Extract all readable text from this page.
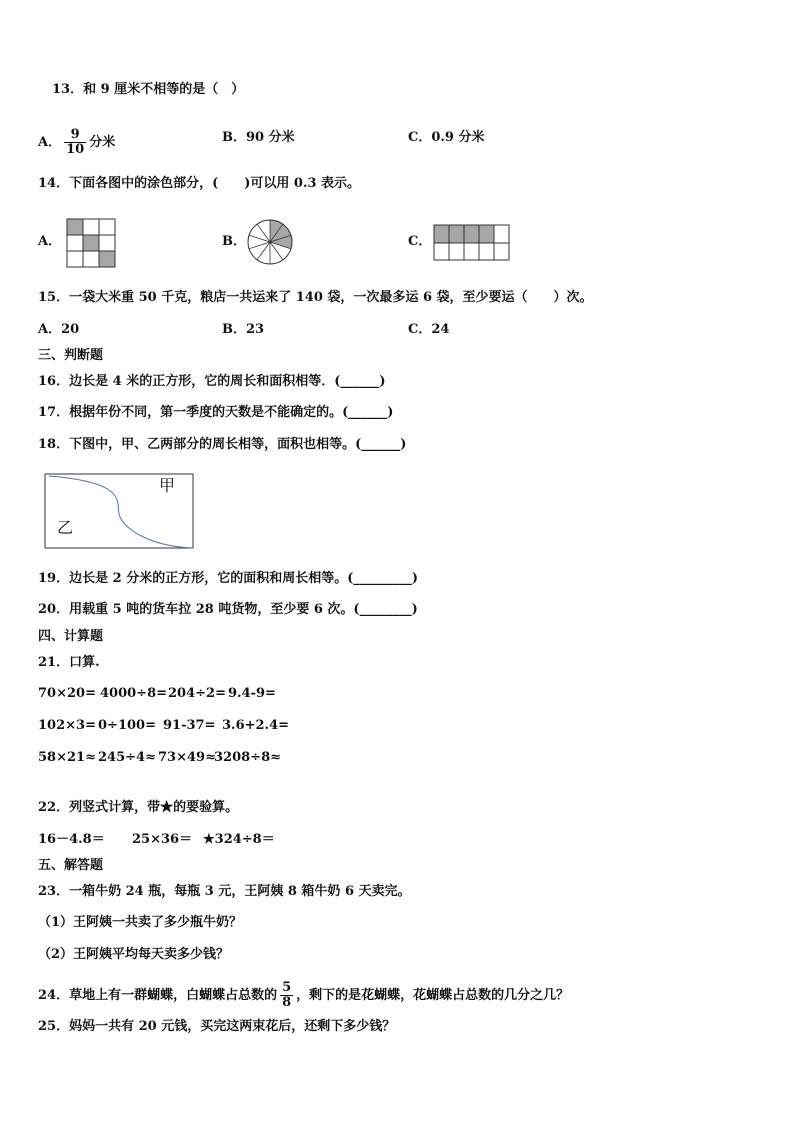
13．和 9 厘米不相等的是（　）
A． $\frac{9}{10}$ 分米	B．90 分米	C．0.9 分米
14．下面各图中的涂色部分，(　　)可以用 0.3 表示。
A．	B．	C．
15．一袋大米重 50 千克，粮店一共运来了 140 袋，一次最多运 6 袋，至少要运（　　）次。
A．20	B．23	C．24
三、判断题
16．边长是 4 米的正方形，它的周长和面积相等．(______)
17．根据年份不同，第一季度的天数是不能确定的。(______)
18．下图中，甲、乙两部分的周长相等，面积也相等。(______)
甲
乙
19．边长是 2 分米的正方形，它的面积和周长相等。(_________)
20．用载重 5 吨的货车拉 28 吨货物，至少要 6 次。(________)
四、计算题
21．口算.
70×20= 4000÷8= 204÷2= 9.4-9=
102×3= 0÷100= 91-37= 3.6+2.4=
58×21≈ 245÷4≈ 73×49≈
3208÷8≈
22．列竖式计算，带★的要验算。
16－4.8＝ 25×36＝ ★324÷8＝
五、解答题
23．一箱牛奶 24 瓶，每瓶 3 元，王阿姨 8 箱牛奶 6 天卖完。
（1）王阿姨一共卖了多少瓶牛奶？
（2）王阿姨平均每天卖多少钱？
24．草地上有一群蝴蝶，白蝴蝶占总数的 $\frac{5}{8}$ ，剩下的是花蝴蝶，花蝴蝶占总数的几分之几？
25．妈妈一共有 20 元钱，买完这两束花后，还剩下多少钱？
